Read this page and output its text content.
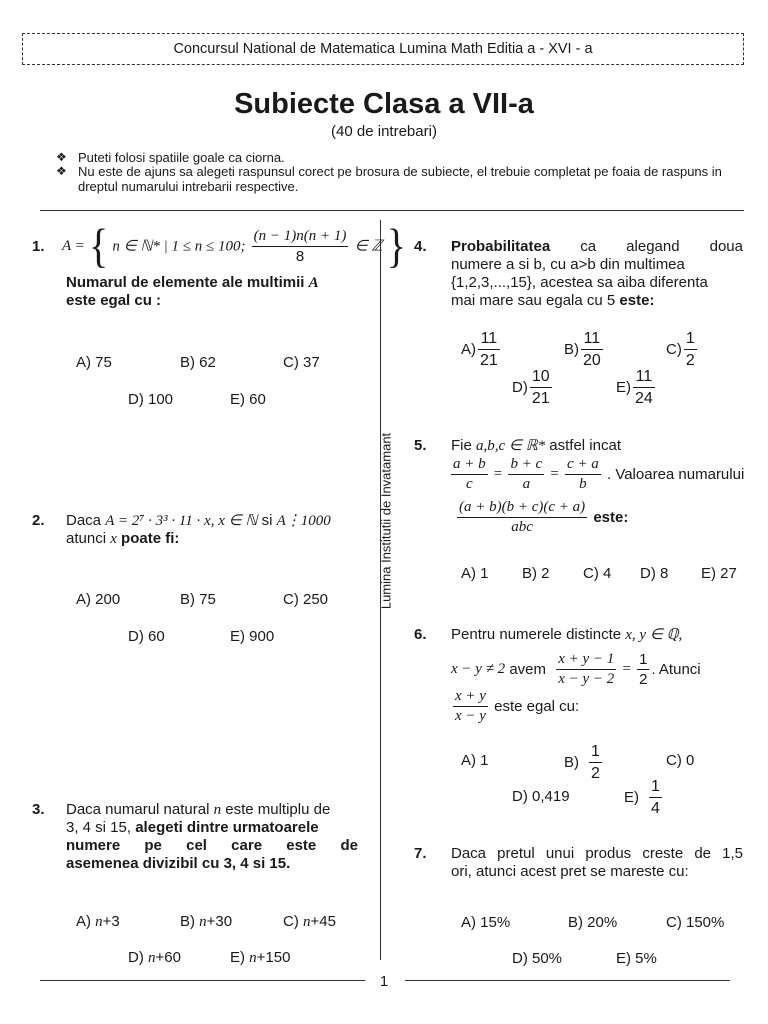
Concursul National de Matematica Lumina Math Editia a - XVI - a
Subiecte Clasa a VII-a
(40 de intrebari)
❖ Puteti folosi spatiile goale ca ciorna.
❖ Nu este de ajuns sa alegeti raspunsul corect pe brosura de subiecte, el trebuie completat pe foaia de raspuns in dreptul numarului intrebarii respective.
Lumina Institutii de Invatamant
1
1. A = { n ∈ ℕ* | 1 ≤ n ≤ 100; $\frac{(n - 1)n(n + 1)}{8}$ ∈ ℤ }
Numarul de elemente ale multimii A
este egal cu :
A) 75	B) 62	C) 37
D) 100	E) 60
2. Daca A = 2⁷ · 3³ · 11 · x, x ∈ ℕ si A⋮1000
atunci x poate fi:
A) 200	B) 75	C) 250
D) 60	E) 900
3. Daca numarul natural n este multiplu de
3, 4 si 15, alegeti dintre urmatoarele
numere pe cel care este de
asemenea divizibil cu 3, 4 si 15.
A) n+3	B) n+30	C) n+45
D) n+60	E) n+150
4. Probabilitatea ca alegand doua
numere a si b, cu a>b din multimea
{1,2,3,...,15}, acestea sa aiba diferenta
mai mare sau egala cu 5 este:
$A) \frac{11}{21}$	$B) \frac{11}{20}$	$C) \frac{1}{2}$
$D) \frac{10}{21}$	$E) \frac{11}{24}$
5. Fie a,b,c ∈ ℝ* astfel incat
$\frac{a + b}{c} = \frac{b + c}{a} = \frac{c + a}{b}$ . Valoarea numarului
$\frac{(a + b)(b + c)(c + a)}{\text{abc}}$ este:
A) 1 B) 2 C) 4 D) 8 E) 27
6. Pentru numerele distincte x, y ∈ ℚ,
x − y ≠ 2 avem $\frac{x + y - 1}{x - y - 2} = \frac{1}{2}$ . Atunci
$\frac{x + y}{x - y}$ este egal cu:
A) 1	$B) \frac{1}{2}$	C) 0
D) 0,419	$E) \frac{1}{4}$
7. Daca pretul unui produs creste de 1,5
ori, atunci acest pret se mareste cu:
A) 15%	B) 20%	C) 150%
D) 50%	E) 5%
